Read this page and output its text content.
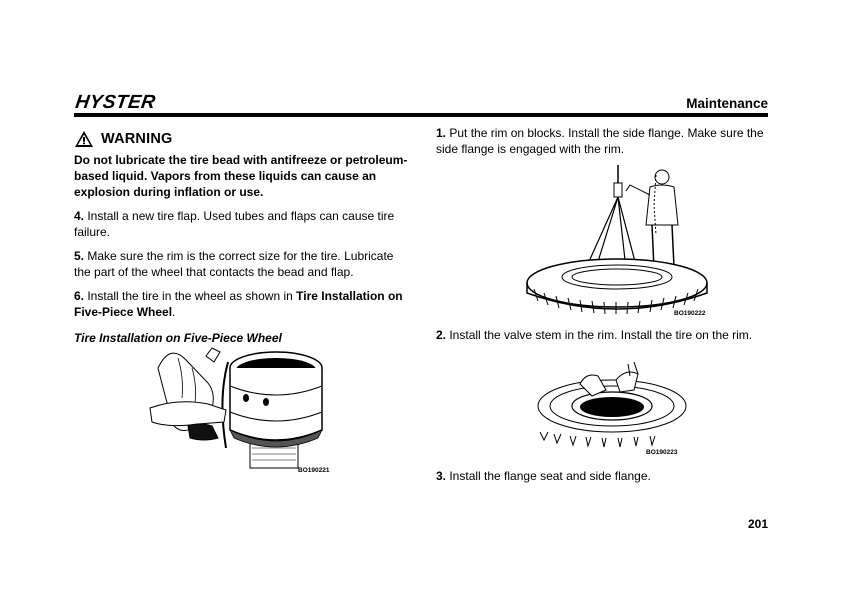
HYSTER	Maintenance
WARNING
Do not lubricate the tire bead with antifreeze or petroleum-based liquid. Vapors from these liquids can cause an explosion during inflation or use.

4. Install a new tire flap. Used tubes and flaps can cause tire failure.

5. Make sure the rim is the correct size for the tire. Lubricate the part of the wheel that contacts the bead and flap.

6. Install the tire in the wheel as shown in Tire Installation on Five-Piece Wheel.

Tire Installation on Five-Piece Wheel
BO190221

1. Put the rim on blocks. Install the side flange. Make sure the side flange is engaged with the rim.

BO190222
2. Install the valve stem in the rim. Install the tire on the rim.
BO190223
3. Install the flange seat and side flange.
201
